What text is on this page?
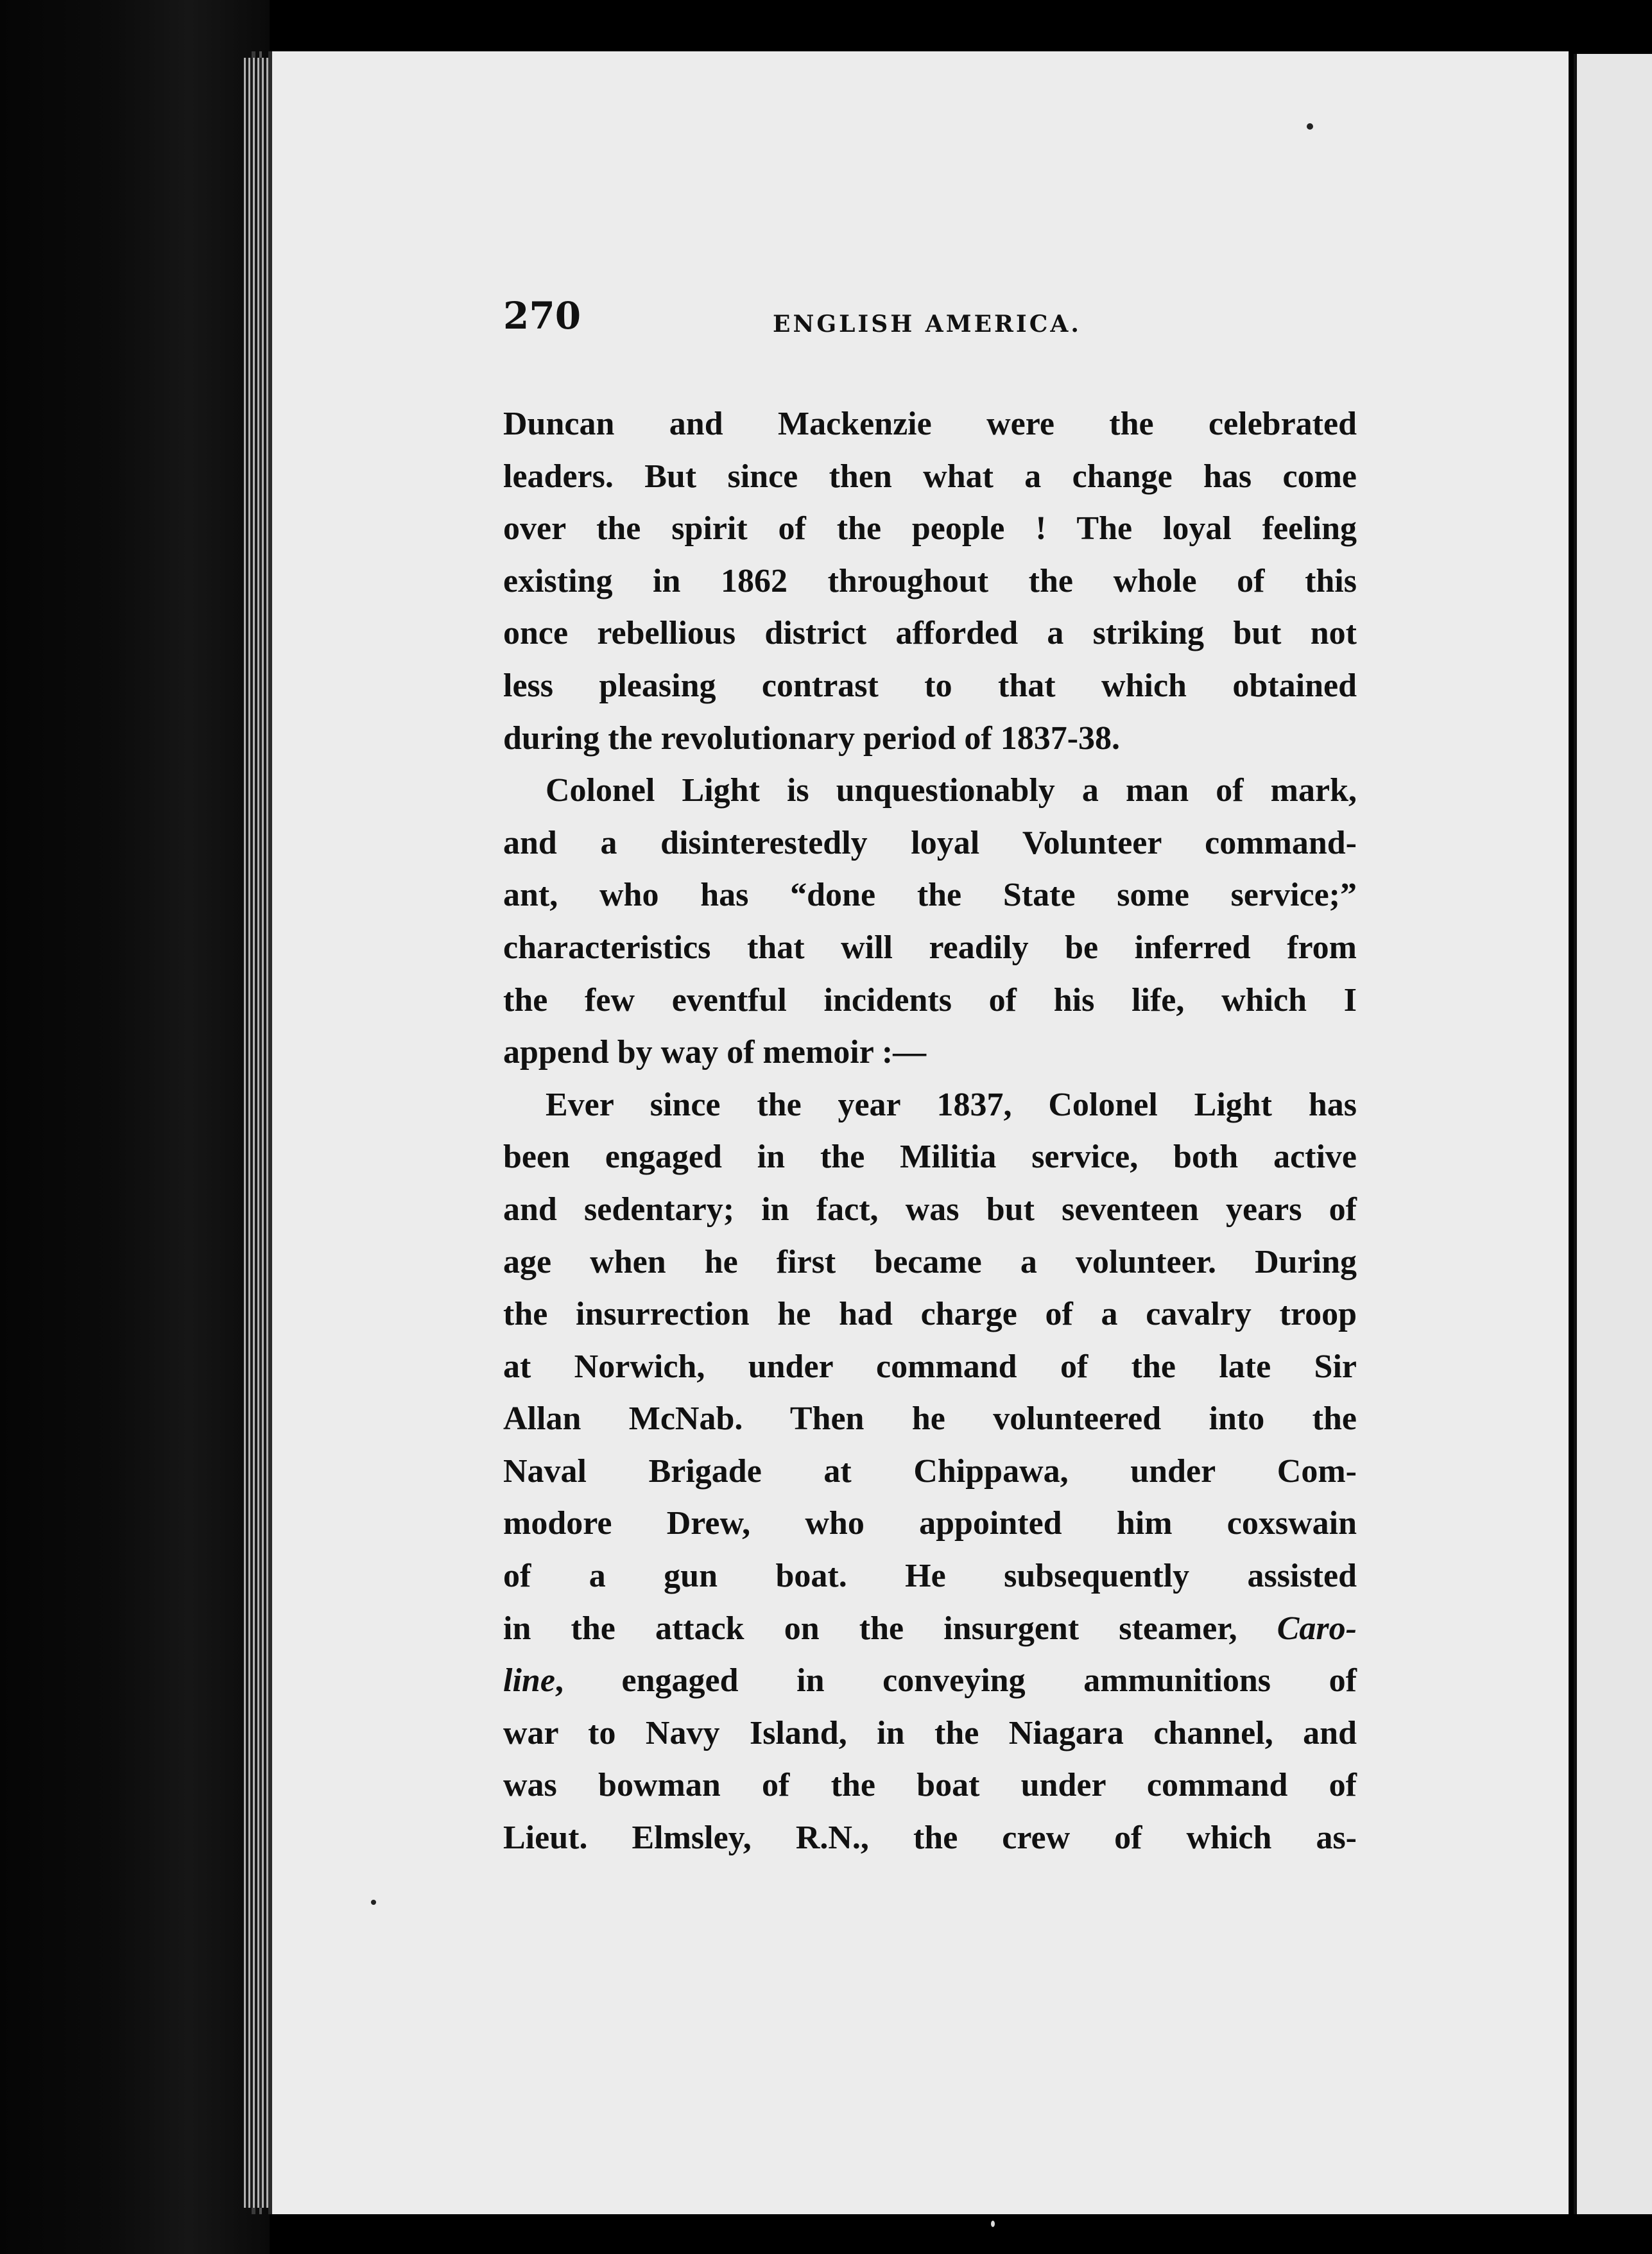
270	ENGLISH AMERICA.
Duncan and Mackenzie were the celebrated
leaders. But since then what a change has come
over the spirit of the people ! The loyal feeling
existing in 1862 throughout the whole of this
once rebellious district afforded a striking but not
less pleasing contrast to that which obtained
during the revolutionary period of 1837-38.
Colonel Light is unquestionably a man of mark,
and a disinterestedly loyal Volunteer command-
ant, who has “done the State some service;”
characteristics that will readily be inferred from
the few eventful incidents of his life, which I
append by way of memoir :—
Ever since the year 1837, Colonel Light has
been engaged in the Militia service, both active
and sedentary; in fact, was but seventeen years of
age when he first became a volunteer. During
the insurrection he had charge of a cavalry troop
at Norwich, under command of the late Sir
Allan McNab. Then he volunteered into the
Naval Brigade at Chippawa, under Com-
modore Drew, who appointed him coxswain
of a gun boat. He subsequently assisted
in the attack on the insurgent steamer, Caro-
line, engaged in conveying ammunitions of
war to Navy Island, in the Niagara channel, and
was bowman of the boat under command of
Lieut. Elmsley, R.N., the crew of which as-
